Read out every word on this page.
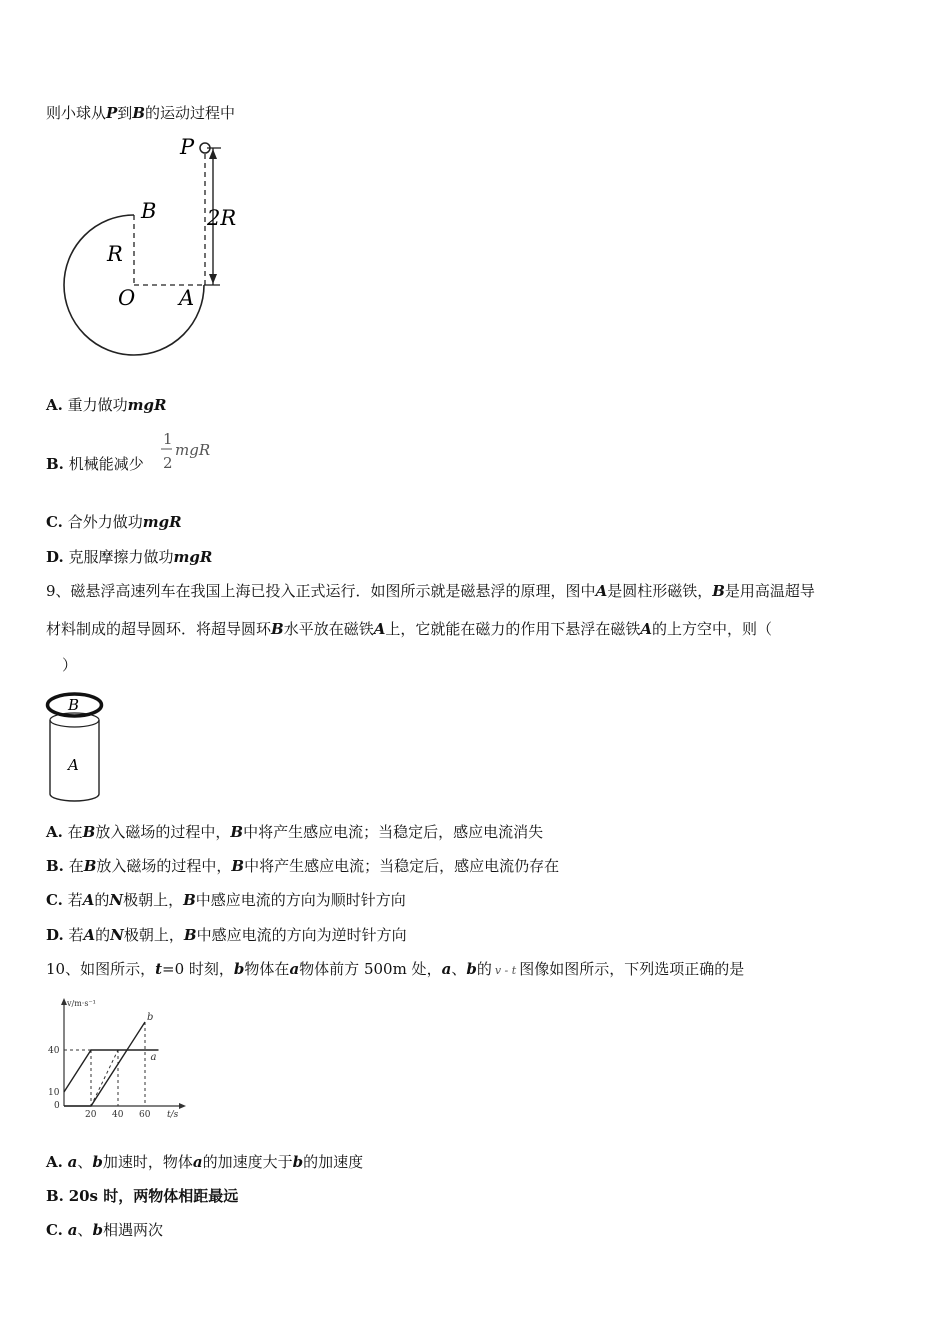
则小球从P到B的运动过程中
P
B
R
O A
2R
A. 重力做功mgR
B. 机械能减少
1
2
mgR
C. 合外力做功mgR
D. 克服摩擦力做功mgR
9、磁悬浮高速列车在我国上海已投入正式运行．如图所示就是磁悬浮的原理，图中A是圆柱形磁铁，B是用高温超导
材料制成的超导圆环．将超导圆环B水平放在磁铁A上，它就能在磁力的作用下悬浮在磁铁A的上方空中，则（
）
B
A
A. 在B放入磁场的过程中，B中将产生感应电流；当稳定后，感应电流消失
B. 在B放入磁场的过程中，B中将产生感应电流；当稳定后，感应电流仍存在
C. 若A的N极朝上，B中感应电流的方向为顺时针方向
D. 若A的N极朝上，B中感应电流的方向为逆时针方向
10、如图所示，t=0 时刻，b物体在a物体前方 500m 处，a、b的 v - t 图像如图所示，下列选项正确的是
v/m·s⁻¹
t/s
a
b
0
20 40 60
10
40
A. a、b加速时，物体a的加速度大于b的加速度
B. 20s 时，两物体相距最远
C. a、b相遇两次
